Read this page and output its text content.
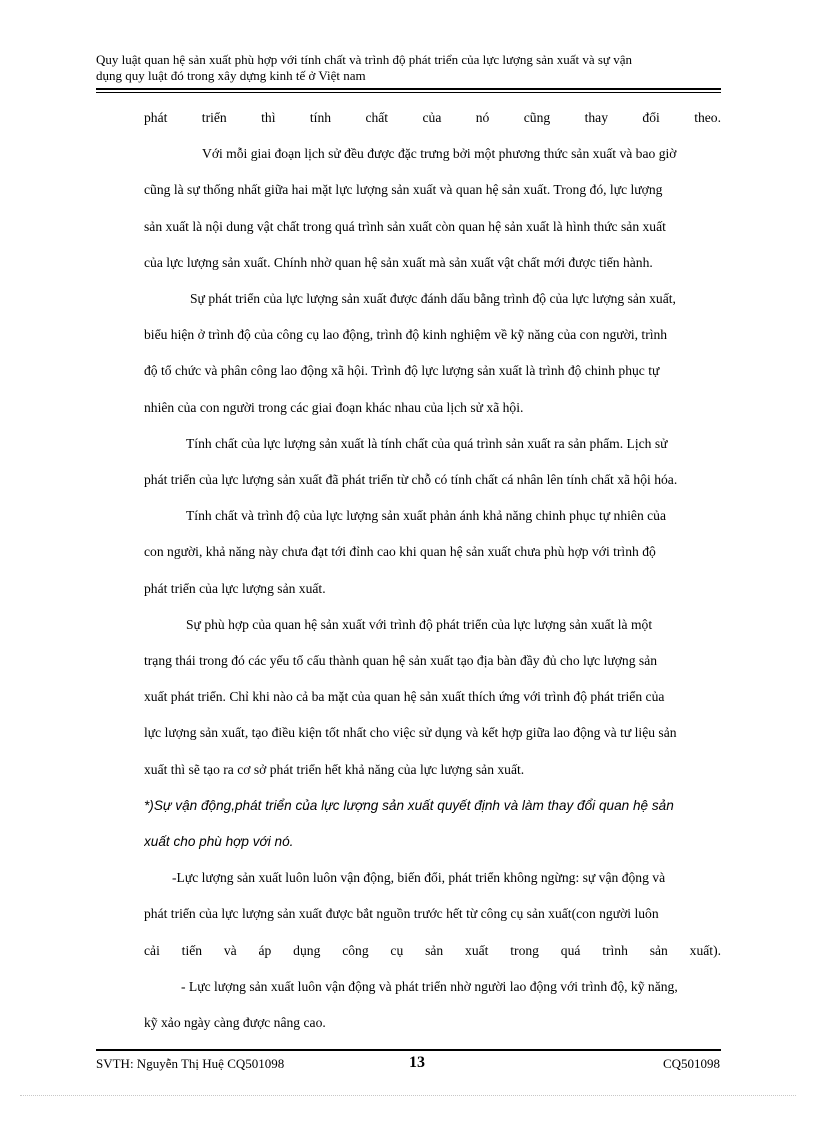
Quy luật quan hệ sản xuất phù hợp với tính chất và trình độ phát triển của lực lượng sản xuất và sự vận
dụng quy luật đó trong xây dựng kinh tế ở Việt nam
phát triển thì tính chất của nó cũng thay đổi theo.
Với mỗi giai đoạn lịch sử đều được đặc trưng bởi một phương thức sản xuất và bao giờ
cũng là sự thống nhất giữa hai mặt lực lượng sản xuất và quan hệ sản xuất. Trong đó, lực lượng
sản xuất là nội dung vật chất trong quá trình sản xuất còn quan hệ sản xuất là hình thức sản xuất
của lực lượng sản xuất. Chính nhờ quan hệ sản xuất mà sản xuất vật chất mới được tiến hành.
Sự phát triển của lực lượng sản xuất được đánh dấu bằng trình độ của lực lượng sản xuất,
biểu hiện ở trình độ của công cụ lao động, trình độ kinh nghiệm về kỹ năng của con người, trình
độ tổ chức và phân công lao động xã hội. Trình độ lực lượng sản xuất là trình độ chinh phục tự
nhiên của con người trong các giai đoạn khác nhau của lịch sử xã hội.
Tính chất của lực lượng sản xuất là tính chất của quá trình sản xuất ra sản phẩm. Lịch sử
phát triển của lực lượng sản xuất đã phát triển từ chỗ có tính chất cá nhân lên tính chất xã hội hóa.
Tính chất và trình độ của lực lượng sản xuất phản ánh khả năng chinh phục tự nhiên của
con người, khả năng này chưa đạt tới đỉnh cao khi quan hệ sản xuất chưa phù hợp với trình độ
phát triển của lực lượng sản xuất.
Sự phù hợp của quan hệ sản xuất với trình độ phát triển của lực lượng sản xuất là một
trạng thái trong đó các yếu tố cấu thành quan hệ sản xuất tạo địa bàn đầy đủ cho lực lượng sản
xuất phát triển. Chỉ khi nào cả ba mặt của quan hệ sản xuất thích ứng với trình độ phát triển của
lực lượng sản xuất, tạo điều kiện tốt nhất cho việc sử dụng và kết hợp giữa lao động và tư liệu sản
xuất thì sẽ tạo ra cơ sở phát triển hết khả năng của lực lượng sản xuất.
*)Sự vận động,phát triển của lực lượng sản xuất quyết định và làm thay đổi quan hệ sản
xuất cho phù hợp với nó.
-Lực lượng sản xuất luôn luôn vận động, biến đổi, phát triển không ngừng: sự vận động và
phát triển của lực lượng sản xuất được bắt nguồn trước hết từ công cụ sản xuất(con người luôn
cải tiến và áp dụng công cụ sản xuất trong quá trình sản xuất).
- Lực lượng sản xuất luôn vận động và phát triển nhờ người lao động với trình độ, kỹ năng,
kỹ xảo ngày càng được nâng cao.
SVTH: Nguyễn Thị Huệ CQ501098	13	CQ501098
